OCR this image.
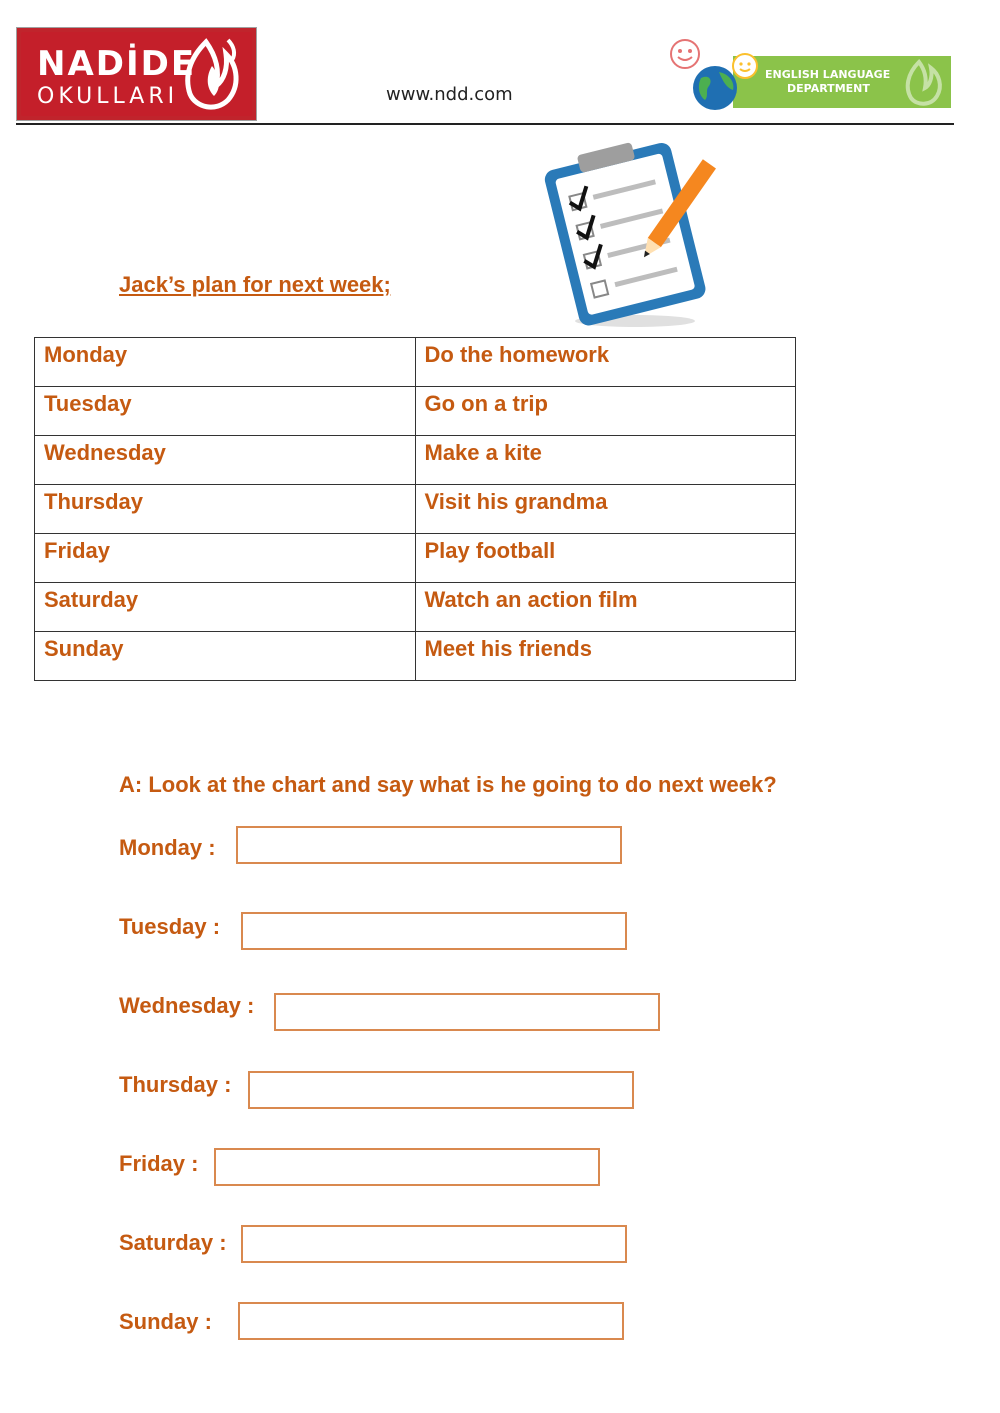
NADİDE
OKULLARI	www.ndd.com
ENGLISH LANGUAGE
DEPARTMENT
Jack’s plan for next week;
Monday	Do the homework
Tuesday	Go on a trip
Wednesday	Make a kite
Thursday	Visit his grandma
Friday	Play football
Saturday	Watch an action film
Sunday	Meet his friends
A: Look at the chart and say what is he going to do next week?
Monday :
Tuesday :
Wednesday :
Thursday :
Friday :
Saturday :
Sunday :
